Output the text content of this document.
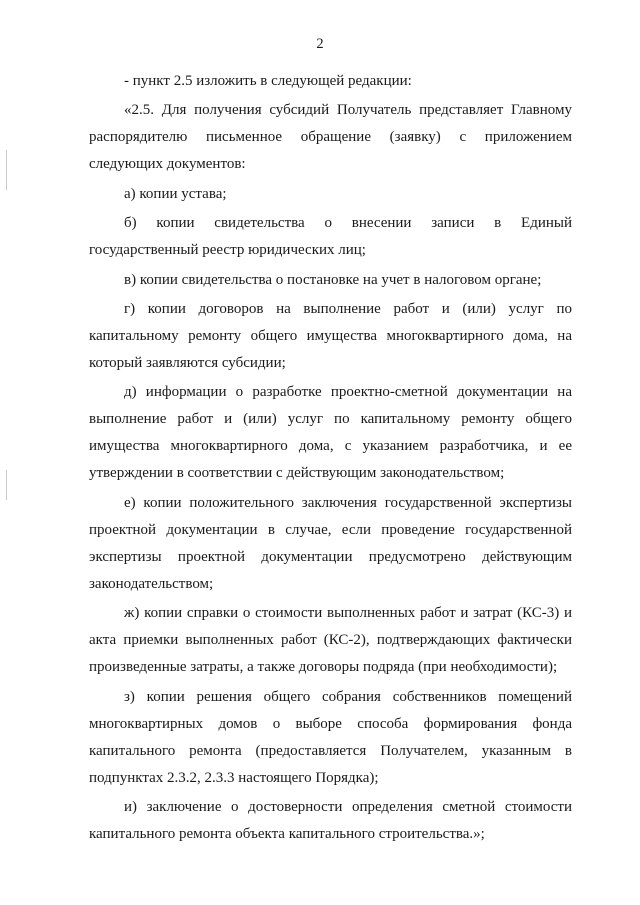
2

- пункт 2.5 изложить в следующей редакции:

«2.5. Для получения субсидий Получатель представляет Главному распорядителю письменное обращение (заявку) с приложением следующих документов:

а) копии устава;

б) копии свидетельства о внесении записи в Единый государственный реестр юридических лиц;

в) копии свидетельства о постановке на учет в налоговом органе;

г) копии договоров на выполнение работ и (или) услуг по капитальному ремонту общего имущества многоквартирного дома, на который заявляются субсидии;

д) информации о разработке проектно-сметной документации на выполнение работ и (или) услуг по капитальному ремонту общего имущества многоквартирного дома, с указанием разработчика, и ее утверждении в соответствии с действующим законодательством;

е) копии положительного заключения государственной экспертизы проектной документации в случае, если проведение государственной экспертизы проектной документации предусмотрено действующим законодательством;

ж) копии справки о стоимости выполненных работ и затрат (КС-3) и акта приемки выполненных работ (КС-2), подтверждающих фактически произведенные затраты, а также договоры подряда (при необходимости);

з) копии решения общего собрания собственников помещений многоквартирных домов о выборе способа формирования фонда капитального ремонта (предоставляется Получателем, указанным в подпунктах 2.3.2, 2.3.3 настоящего Порядка);

и) заключение о достоверности определения сметной стоимости капитального ремонта объекта капитального строительства.»;
